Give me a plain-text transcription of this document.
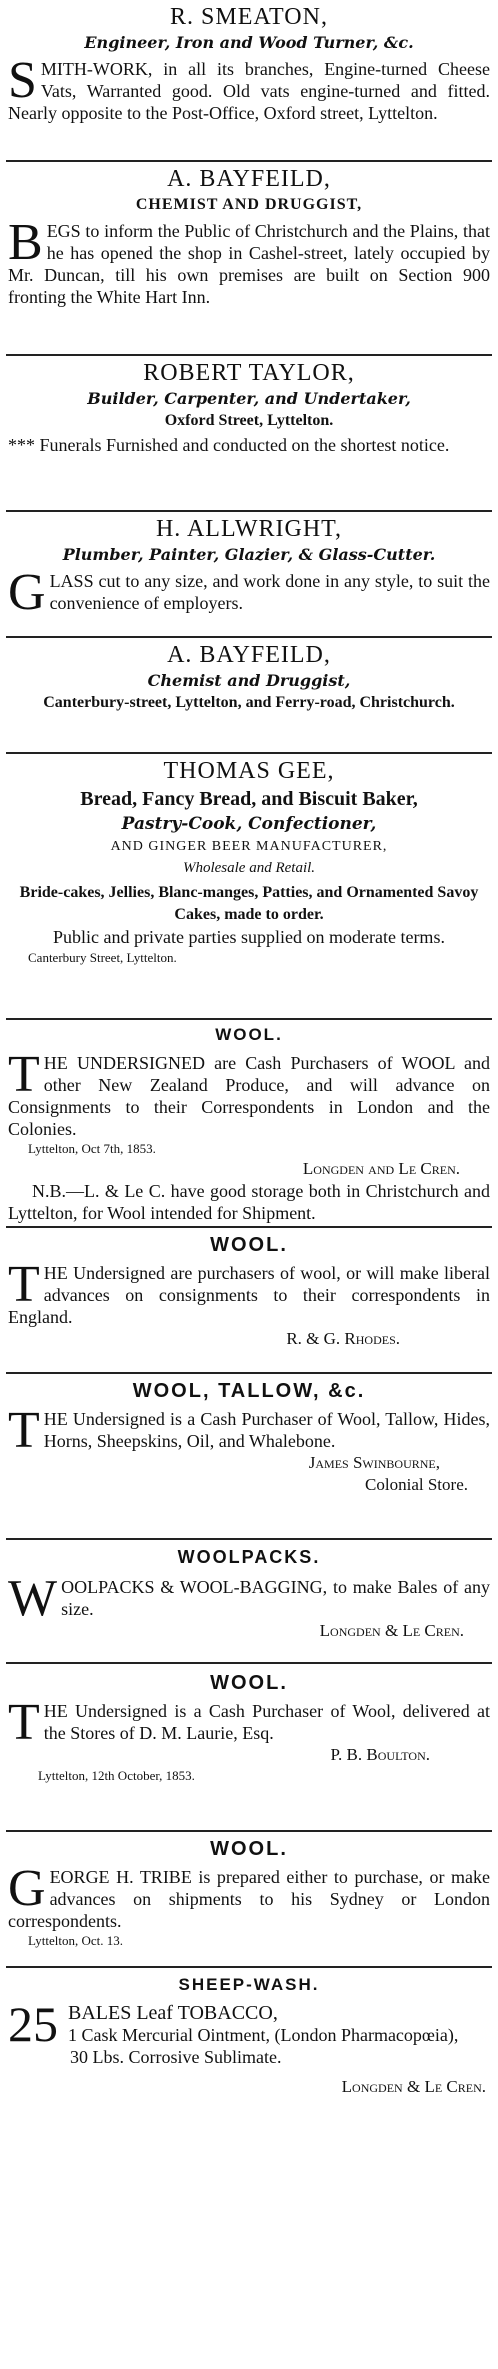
R. SMEATON,
Engineer, Iron and Wood Turner, &c.
SMITH-WORK, in all its branches, Engine-turned Cheese Vats, Warranted good. Old vats engine-turned and fitted. Nearly opposite to the Post-Office, Oxford street, Lyttelton.
A. BAYFEILD,
CHEMIST AND DRUGGIST,
BEGS to inform the Public of Christchurch and the Plains, that he has opened the shop in Cashel-street, lately occupied by Mr. Duncan, till his own premises are built on Section 900 fronting the White Hart Inn.
ROBERT TAYLOR,
Builder, Carpenter, and Undertaker,
Oxford Street, Lyttelton.
*** Funerals Furnished and conducted on the shortest notice.
H. ALLWRIGHT,
Plumber, Painter, Glazier, & Glass-Cutter.
GLASS cut to any size, and work done in any style, to suit the convenience of employers.
A. BAYFEILD,
Chemist and Druggist,
Canterbury-street, Lyttelton, and Ferry-road, Christchurch.
THOMAS GEE,
Bread, Fancy Bread, and Biscuit Baker,
Pastry-Cook, Confectioner,
AND GINGER BEER MANUFACTURER,
Wholesale and Retail.
Bride-cakes, Jellies, Blanc-manges, Patties, and Ornamented Savoy Cakes, made to order.
Public and private parties supplied on moderate terms.
Canterbury Street, Lyttelton.
WOOL.
THE UNDERSIGNED are Cash Purchasers of WOOL and other New Zealand Produce, and will advance on Consignments to their Correspondents in London and the Colonies.
Lyttelton, Oct 7th, 1853.
Longden and Le Cren.
N.B.—L. & Le C. have good storage both in Christchurch and Lyttelton, for Wool intended for Shipment.
WOOL.
THE Undersigned are purchasers of wool, or will make liberal advances on consignments to their correspondents in England.
R. & G. Rhodes.
WOOL, TALLOW, &c.
THE Undersigned is a Cash Purchaser of Wool, Tallow, Hides, Horns, Sheepskins, Oil, and Whalebone.
James Swinbourne,
Colonial Store.
WOOLPACKS.
WOOLPACKS & WOOL-BAGGING, to make Bales of any size.
Longden & Le Cren.
WOOL.
THE Undersigned is a Cash Purchaser of Wool, delivered at the Stores of D. M. Laurie, Esq.
P. B. Boulton.
Lyttelton, 12th October, 1853.
WOOL.
GEORGE H. TRIBE is prepared either to purchase, or make advances on shipments to his Sydney or London correspondents.
Lyttelton, Oct. 13.
SHEEP-WASH.
25 BALES Leaf TOBACCO,
1 Cask Mercurial Ointment, (London Pharmacopœia),
30 Lbs. Corrosive Sublimate.
Longden & Le Cren.
